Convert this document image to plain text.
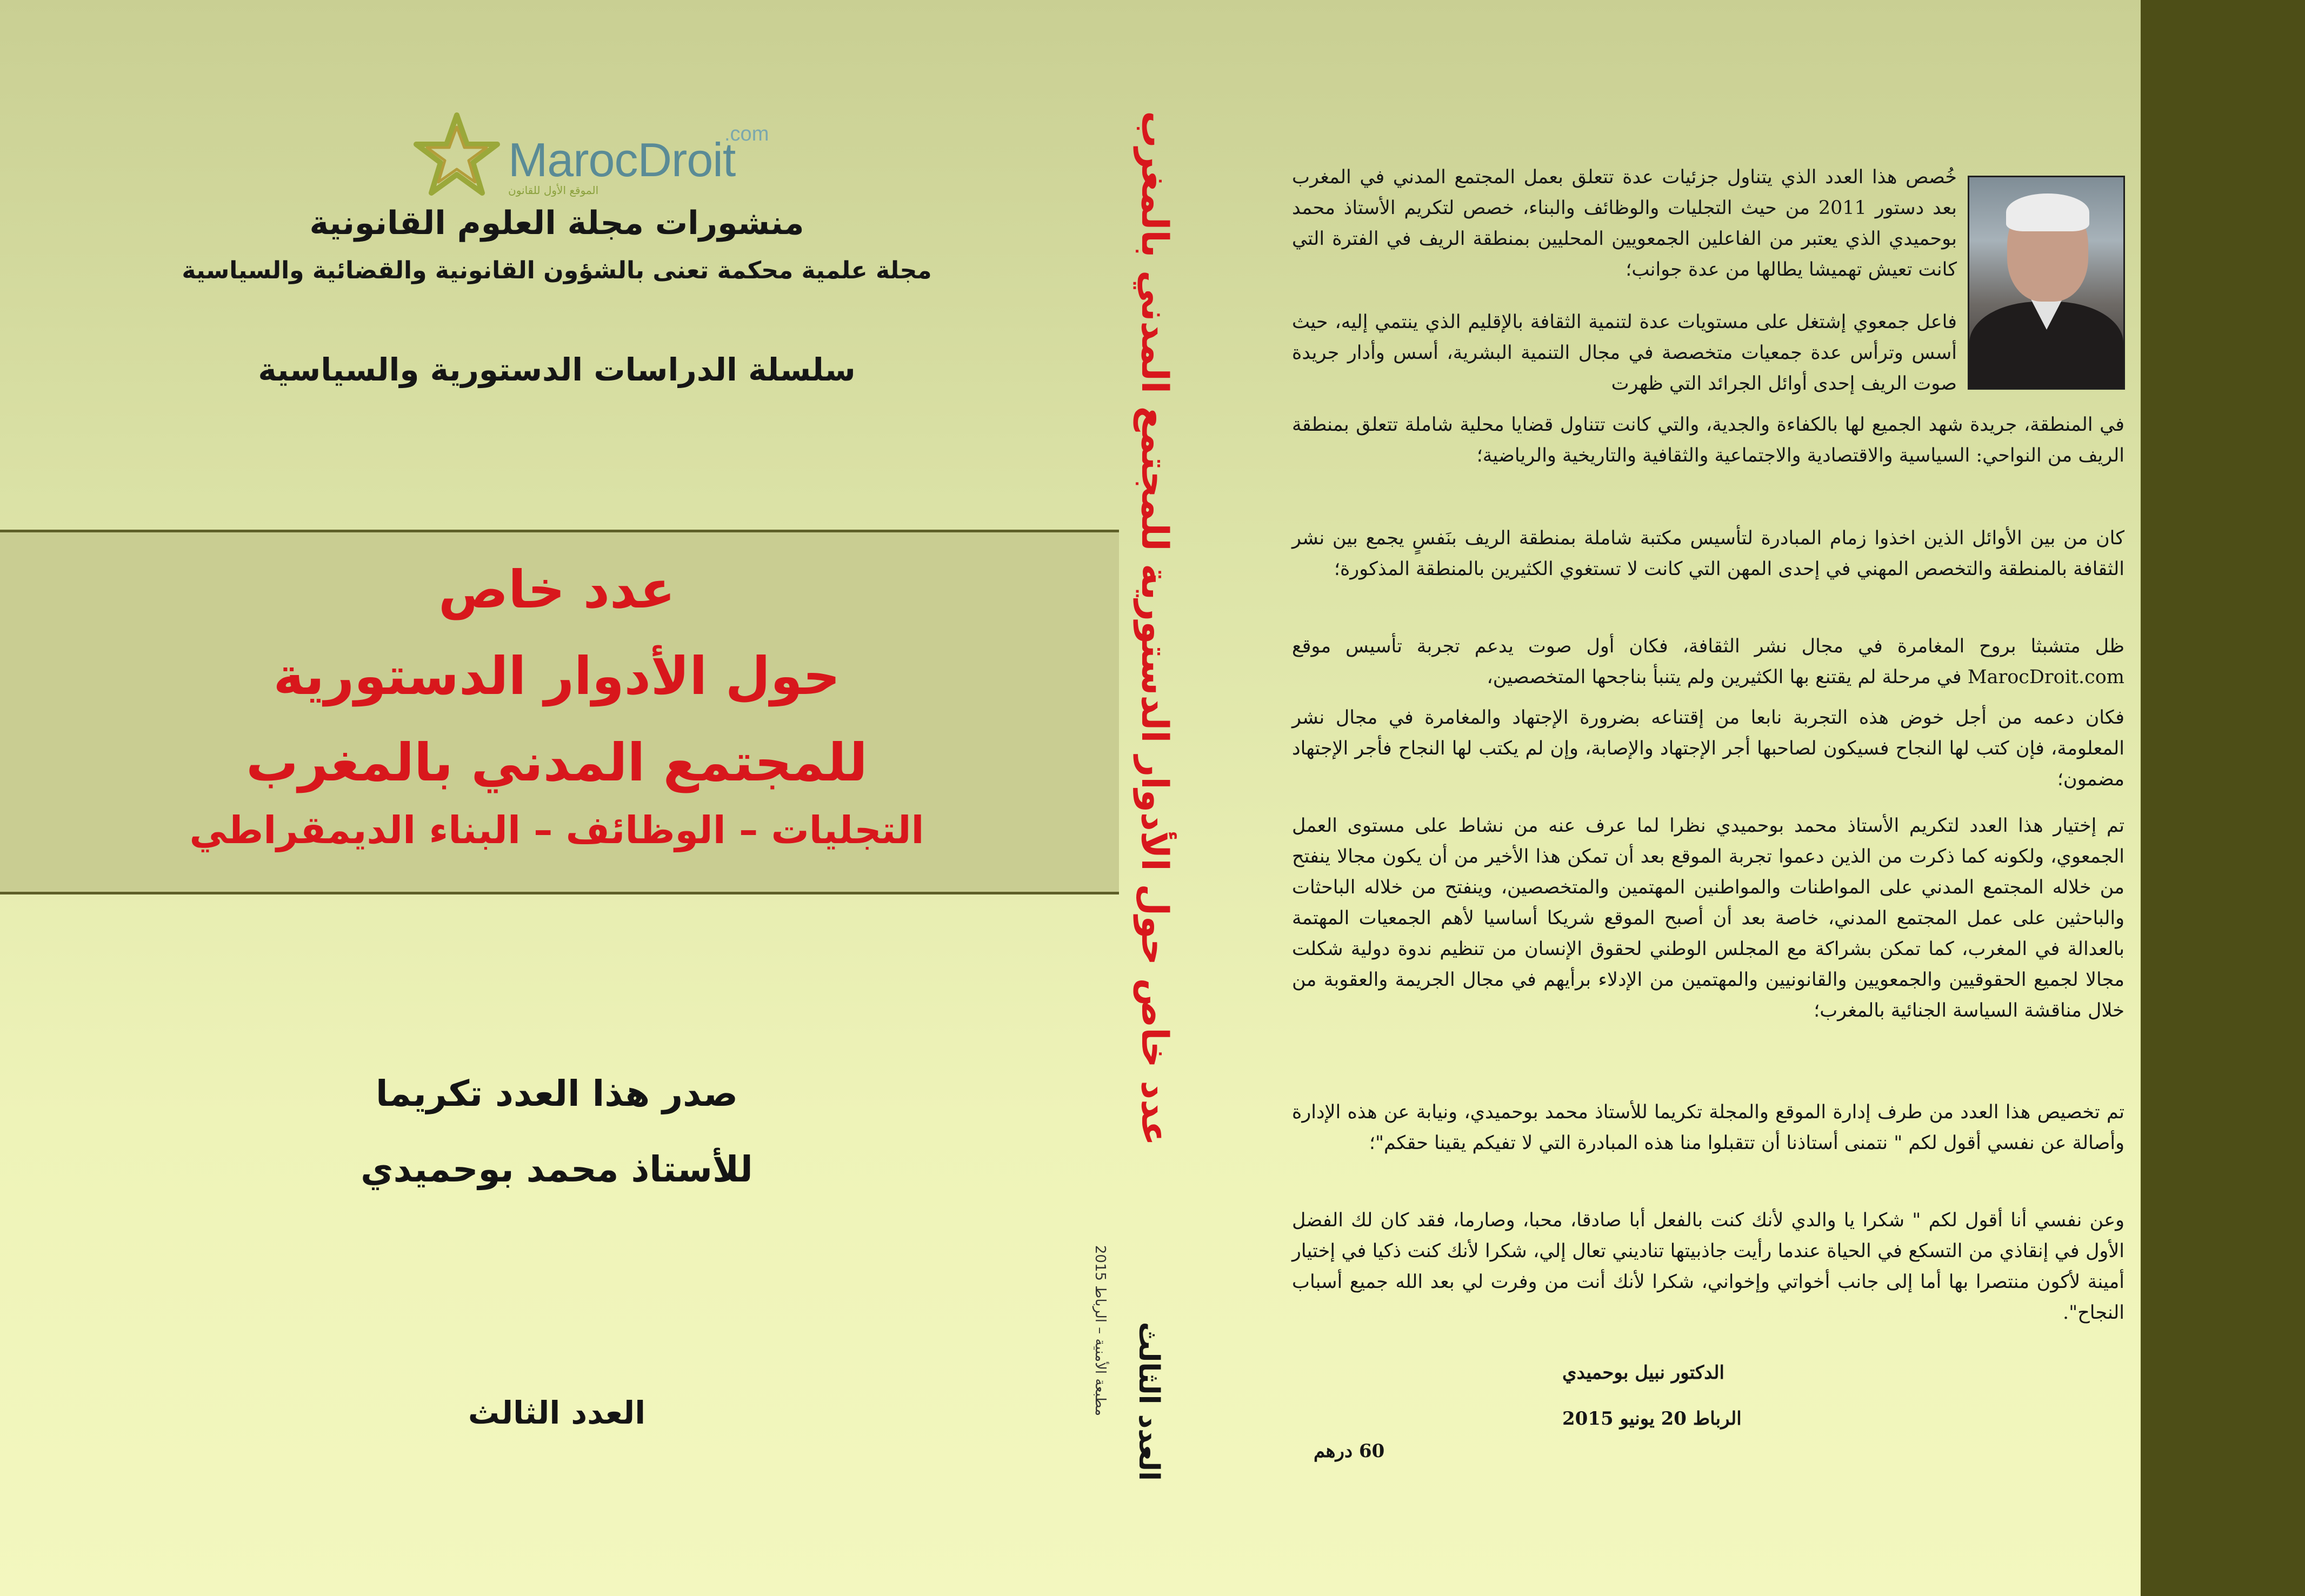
MarocDroit
.com
الموقع الأول للقانون
منشورات مجلة العلوم القانونية
مجلة علمية محكمة تعنى بالشؤون القانونية والقضائية والسياسية
سلسلة الدراسات الدستورية والسياسية
عدد خاص
حول الأدوار الدستورية
للمجتمع المدني بالمغرب
التجليات – الوظائف – البناء الديمقراطي
صدر هذا العدد تكريما
للأستاذ محمد بوحميدي
العدد الثالث
عدد خاص حول الأدوار الدستورية للمجتمع المدني بالمغرب
مطبعة الأمنية – الرباط 2015 العدد الثالث

خُصص هذا العدد الذي يتناول جزئيات عدة تتعلق بعمل المجتمع المدني في المغرب بعد دستور 2011 من حيث التجليات والوظائف والبناء، خصص لتكريم الأستاذ محمد بوحميدي الذي يعتبر من الفاعلين الجمعويين المحليين بمنطقة الريف في الفترة التي كانت تعيش تهميشا يطالها من عدة جوانب؛

فاعل جمعوي إشتغل على مستويات عدة لتنمية الثقافة بالإقليم الذي ينتمي إليه، حيث أسس وترأس عدة جمعيات متخصصة في مجال التنمية البشرية، أسس وأدار جريدة صوت الريف إحدى أوائل الجرائد التي ظهرت

في المنطقة، جريدة شهد الجميع لها بالكفاءة والجدية، والتي كانت تتناول قضايا محلية شاملة تتعلق بمنطقة الريف من النواحي: السياسية والاقتصادية والاجتماعية والثقافية والتاريخية والرياضية؛

كان من بين الأوائل الذين اخذوا زمام المبادرة لتأسيس مكتبة شاملة بمنطقة الريف بنَفسٍ يجمع بين نشر الثقافة بالمنطقة والتخصص المهني في إحدى المهن التي كانت لا تستغوي الكثيرين بالمنطقة المذكورة؛

ظل متشبثا بروح المغامرة في مجال نشر الثقافة، فكان أول صوت يدعم تجربة تأسيس موقع MarocDroit.com في مرحلة لم يقتنع بها الكثيرين ولم يتنبأ بناجحها المتخصصين،

فكان دعمه من أجل خوض هذه التجربة نابعا من إقتناعه بضرورة الإجتهاد والمغامرة في مجال نشر المعلومة، فإن كتب لها النجاح فسيكون لصاحبها أجر الإجتهاد والإصابة، وإن لم يكتب لها النجاح فأجر الإجتهاد مضمون؛

تم إختيار هذا العدد لتكريم الأستاذ محمد بوحميدي نظرا لما عرف عنه من نشاط على مستوى العمل الجمعوي، ولكونه كما ذكرت من الذين دعموا تجربة الموقع بعد أن تمكن هذا الأخير من أن يكون مجالا ينفتح من خلاله المجتمع المدني على المواطنات والمواطنين المهتمين والمتخصصين، وينفتح من خلاله الباحثات والباحثين على عمل المجتمع المدني، خاصة بعد أن أصبح الموقع شريكا أساسيا لأهم الجمعيات المهتمة بالعدالة في المغرب، كما تمكن بشراكة مع المجلس الوطني لحقوق الإنسان من تنظيم ندوة دولية شكلت مجالا لجميع الحقوقيين والجمعويين والقانونيين والمهتمين من الإدلاء برأيهم في مجال الجريمة والعقوبة من خلال مناقشة السياسة الجنائية بالمغرب؛

تم تخصيص هذا العدد من طرف إدارة الموقع والمجلة تكريما للأستاذ محمد بوحميدي، ونيابة عن هذه الإدارة وأصالة عن نفسي أقول لكم " نتمنى أستاذنا أن تتقبلوا منا هذه المبادرة التي لا تفيكم يقينا حقكم"؛

وعن نفسي أنا أقول لكم " شكرا يا والدي لأنك كنت بالفعل أبا صادقا، محبا، وصارما، فقد كان لك الفضل الأول في إنقاذي من التسكع في الحياة عندما رأيت جاذبيتها تناديني تعال إلي، شكرا لأنك كنت ذكيا في إختيار أمينة لأكون منتصرا بها أما إلى جانب أخواتي وإخواني، شكرا لأنك أنت من وفرت لي بعد الله جميع أسباب النجاح".

الدكتور نبيل بوحميدي
الرباط 20 يونيو 2015
60 درهم
